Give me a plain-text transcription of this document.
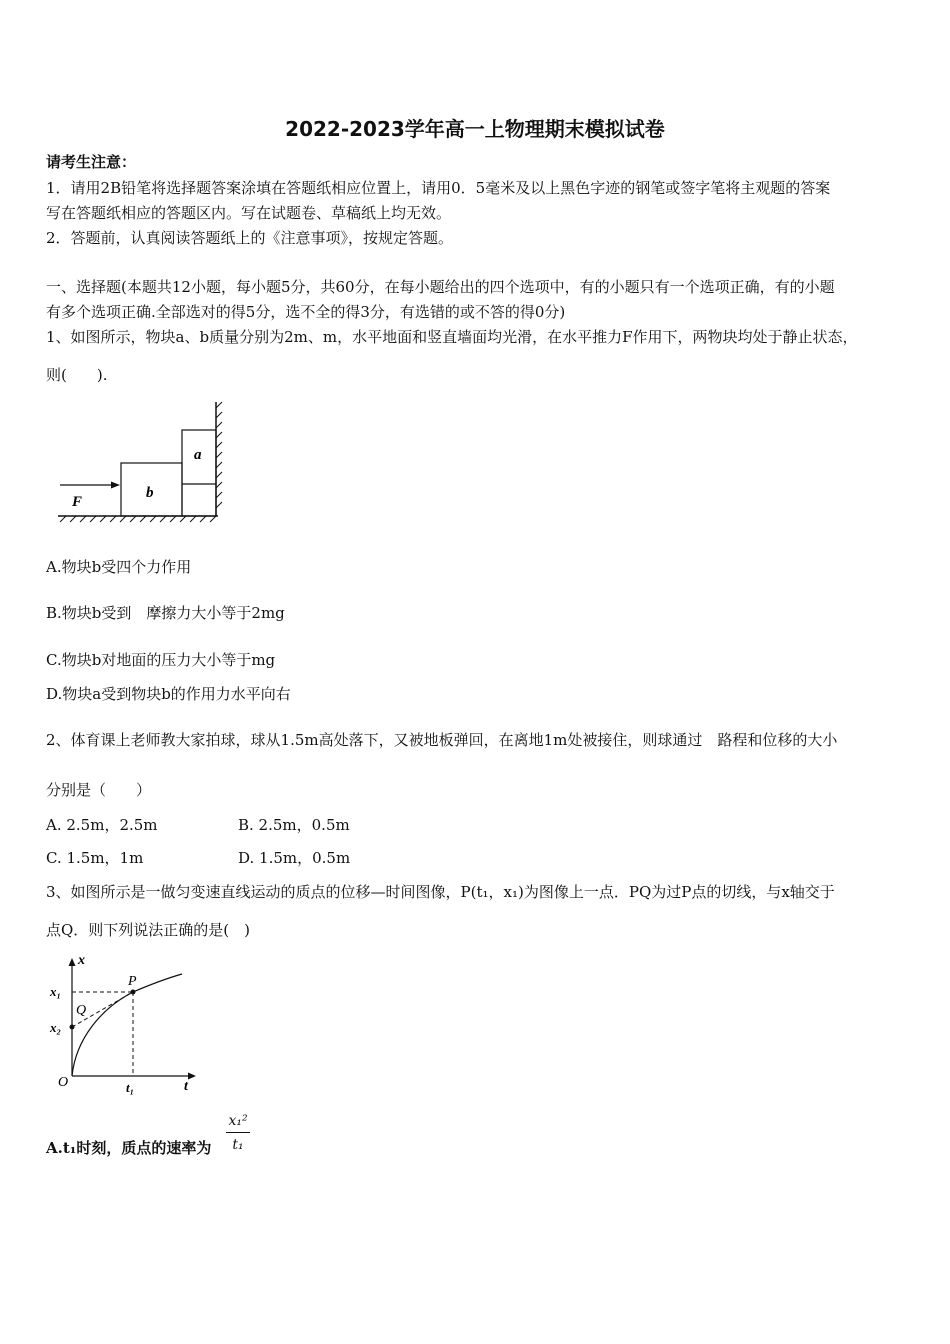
2022-2023学年高一上物理期末模拟试卷
请考生注意：
1．请用2B铅笔将选择题答案涂填在答题纸相应位置上，请用0．5毫米及以上黑色字迹的钢笔或签字笔将主观题的答案
写在答题纸相应的答题区内。写在试题卷、草稿纸上均无效。
2．答题前，认真阅读答题纸上的《注意事项》，按规定答题。
一、选择题(本题共12小题，每小题5分，共60分，在每小题给出的四个选项中，有的小题只有一个选项正确，有的小题
有多个选项正确.全部选对的得5分，选不全的得3分，有选错的或不答的得0分)
1、如图所示，物块a、b质量分别为2m、m，水平地面和竖直墙面均光滑，在水平推力F作用下，两物块均处于静止状态，
则(　　).
b
a
F
A.物块b受四个力作用
B.物块b受到　摩擦力大小等于2mg
C.物块b对地面的压力大小等于mg
D.物块a受到物块b的作用力水平向右
2、体育课上老师教大家拍球，球从1.5m高处落下，又被地板弹回，在离地1m处被接住，则球通过　路程和位移的大小
分别是（　　）
A. 2.5m，2.5m	B. 2.5m，0.5m
C. 1.5m，1m	D. 1.5m，0.5m
3、如图所示是一做匀变速直线运动的质点的位移—时间图像，P(t₁，x₁)为图像上一点．PQ为过P点的切线，与x轴交于
点Q．则下列说法正确的是(　)
x
t
O
P
Q
x₁
x₂
t₁
A.t₁时刻，质点的速率为 $\frac{\text{x₁²}}{\text{t₁}}$
